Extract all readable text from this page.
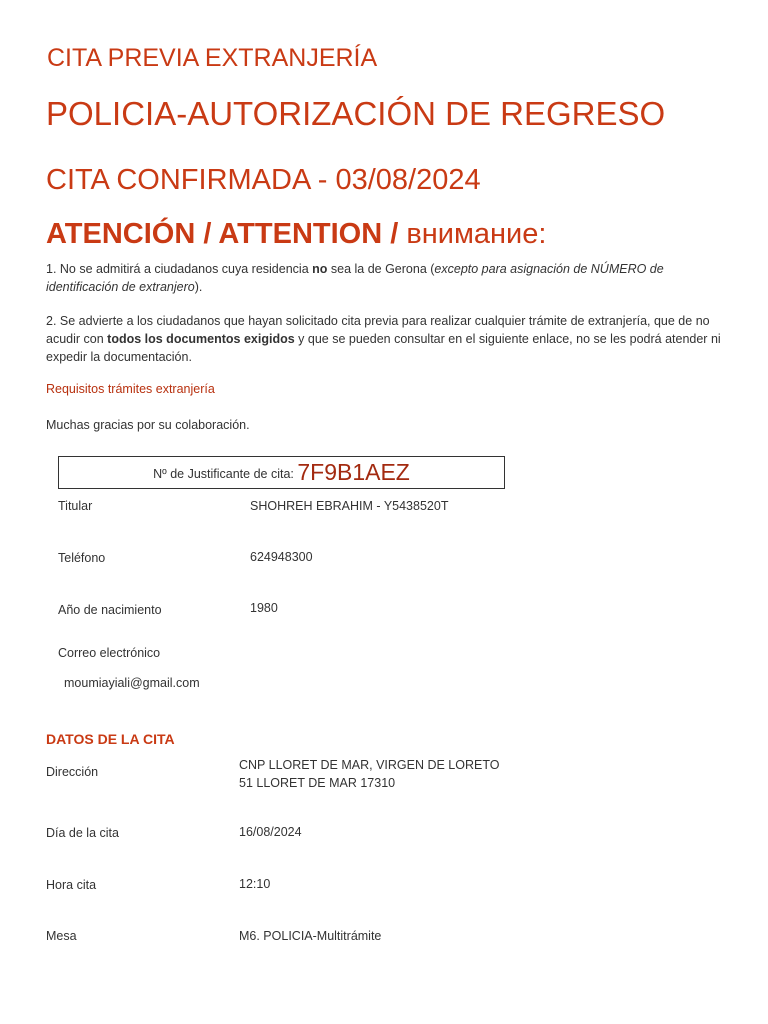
CITA PREVIA EXTRANJERÍA
POLICIA-AUTORIZACIÓN DE REGRESO
CITA CONFIRMADA - 03/08/2024
ATENCIÓN / ATTENTION / внимание:
1. No se admitirá a ciudadanos cuya residencia no sea la de Gerona (excepto para asignación de NÚMERO de identificación de extranjero).
2. Se advierte a los ciudadanos que hayan solicitado cita previa para realizar cualquier trámite de extranjería, que de no acudir con todos los documentos exigidos y que se pueden consultar en el siguiente enlace, no se les podrá atender ni expedir la documentación.
Requisitos trámites extranjería
Muchas gracias por su colaboración.
Nº de Justificante de cita: 7F9B1AEZ
Titular	SHOHREH EBRAHIM - Y5438520T
Teléfono	624948300
Año de nacimiento	1980
Correo electrónico
moumiayiali@gmail.com
DATOS DE LA CITA
Dirección	CNP LLORET DE MAR, VIRGEN DE LORETO
51 LLORET DE MAR 17310
Día de la cita	16/08/2024
Hora cita	12:10
Mesa	M6. POLICIA-Multitrámite
